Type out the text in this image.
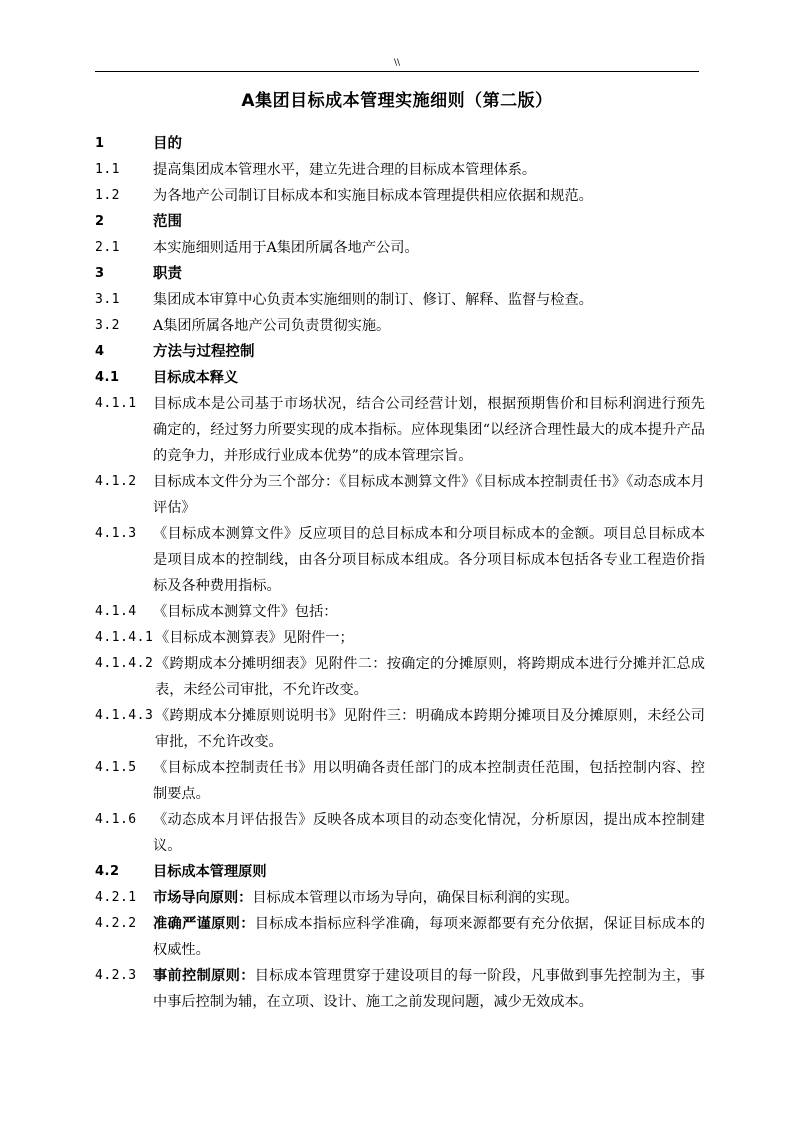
\\
A集团目标成本管理实施细则（第二版）
1	目的
1.1	提高集团成本管理水平，建立先进合理的目标成本管理体系。
1.2	为各地产公司制订目标成本和实施目标成本管理提供相应依据和规范。
2	范围
2.1	本实施细则适用于A集团所属各地产公司。
3	职责
3.1	集团成本审算中心负责本实施细则的制订、修订、解释、监督与检查。
3.2	A集团所属各地产公司负责贯彻实施。
4	方法与过程控制
4.1	目标成本释义
4.1.1	目标成本是公司基于市场状况，结合公司经营计划，根据预期售价和目标利润进行预先确定的，经过努力所要实现的成本指标。应体现集团“以经济合理性最大的成本提升产品的竞争力，并形成行业成本优势”的成本管理宗旨。
4.1.2	目标成本文件分为三个部分：《目标成本测算文件》《目标成本控制责任书》《动态成本月评估》
4.1.3	《目标成本测算文件》反应项目的总目标成本和分项目标成本的金额。项目总目标成本是项目成本的控制线，由各分项目标成本组成。各分项目标成本包括各专业工程造价指标及各种费用指标。
4.1.4	《目标成本测算文件》包括：
4.1.4.1 《目标成本测算表》见附件一；
4.1.4.2 《跨期成本分摊明细表》见附件二：按确定的分摊原则，将跨期成本进行分摊并汇总成表，未经公司审批，不允许改变。
4.1.4.3 《跨期成本分摊原则说明书》见附件三：明确成本跨期分摊项目及分摊原则，未经公司审批，不允许改变。
4.1.5	《目标成本控制责任书》用以明确各责任部门的成本控制责任范围，包括控制内容、控制要点。
4.1.6	《动态成本月评估报告》反映各成本项目的动态变化情况，分析原因，提出成本控制建议。
4.2	目标成本管理原则
4.2.1	市场导向原则：目标成本管理以市场为导向，确保目标利润的实现。
4.2.2	准确严谨原则：目标成本指标应科学准确，每项来源都要有充分依据，保证目标成本的权威性。
4.2.3	事前控制原则：目标成本管理贯穿于建设项目的每一阶段，凡事做到事先控制为主，事中事后控制为辅，在立项、设计、施工之前发现问题，减少无效成本。
